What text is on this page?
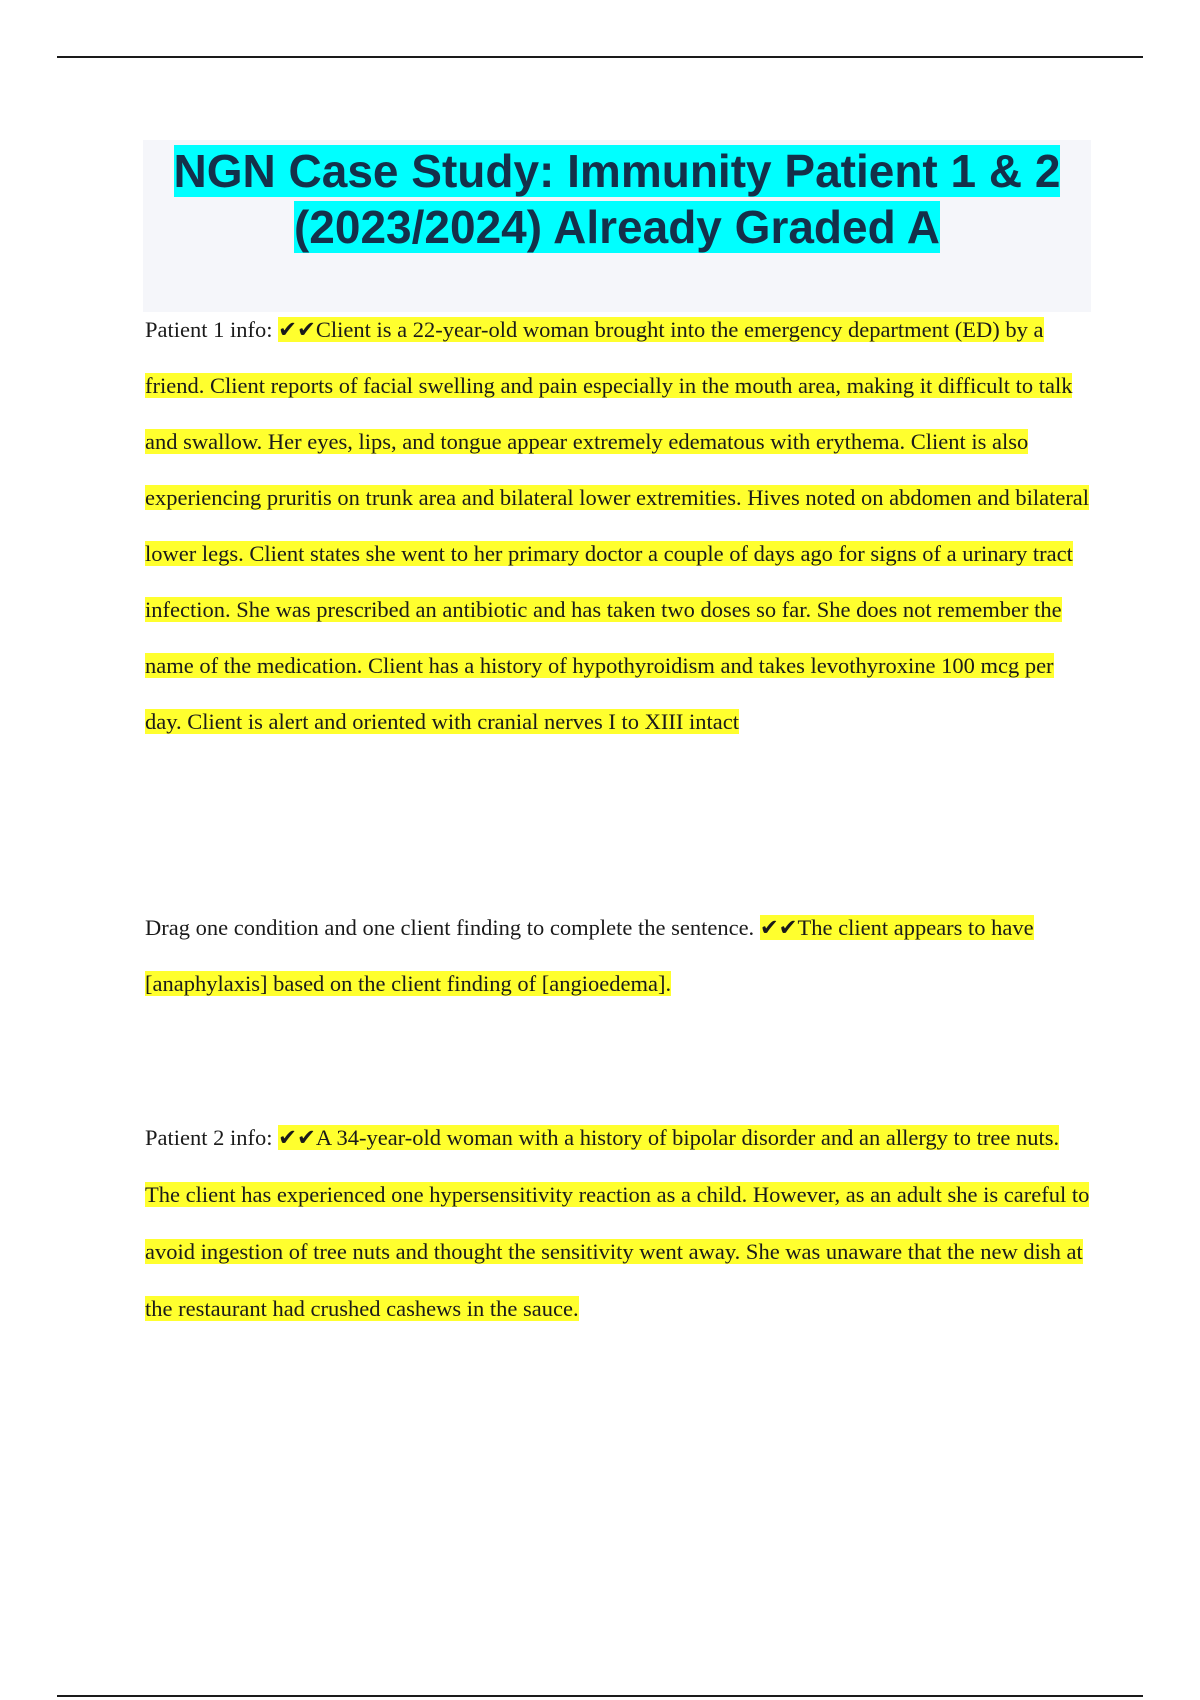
NGN Case Study: Immunity Patient 1 & 2
(2023/2024) Already Graded A

Patient 1 info: ✔✔Client is a 22-year-old woman brought into the emergency department (ED) by a friend. Client reports of facial swelling and pain especially in the mouth area, making it difficult to talk and swallow. Her eyes, lips, and tongue appear extremely edematous with erythema. Client is also experiencing pruritis on trunk area and bilateral lower extremities. Hives noted on abdomen and bilateral lower legs. Client states she went to her primary doctor a couple of days ago for signs of a urinary tract infection. She was prescribed an antibiotic and has taken two doses so far. She does not remember the name of the medication. Client has a history of hypothyroidism and takes levothyroxine 100 mcg per day. Client is alert and oriented with cranial nerves I to XIII intact

Drag one condition and one client finding to complete the sentence. ✔✔The client appears to have [anaphylaxis] based on the client finding of [angioedema].

Patient 2 info: ✔✔A 34-year-old woman with a history of bipolar disorder and an allergy to tree nuts. The client has experienced one hypersensitivity reaction as a child. However, as an adult she is careful to avoid ingestion of tree nuts and thought the sensitivity went away. She was unaware that the new dish at the restaurant had crushed cashews in the sauce.
